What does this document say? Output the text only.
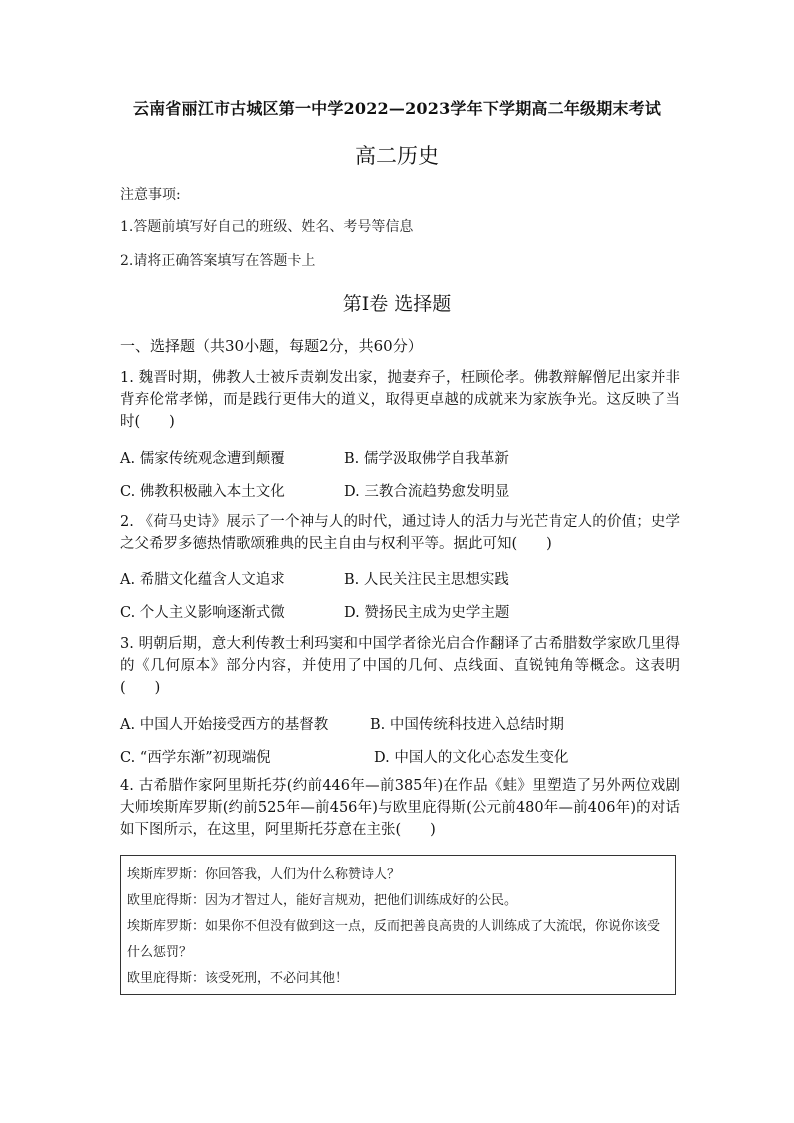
云南省丽江市古城区第一中学2022—2023学年下学期高二年级期末考试
高二历史
注意事项:
1.答题前填写好自己的班级、姓名、考号等信息
2.请将正确答案填写在答题卡上
第Ⅰ卷 选择题
一、选择题（共30小题，每题2分，共60分）
1. 魏晋时期，佛教人士被斥责剃发出家，抛妻弃子，枉顾伦孝。佛教辩解僧尼出家并非背弃伦常孝悌，而是践行更伟大的道义，取得更卓越的成就来为家族争光。这反映了当时(　　)
A. 儒家传统观念遭到颠覆	B. 儒学汲取佛学自我革新
C. 佛教积极融入本土文化	D. 三教合流趋势愈发明显
2. 《荷马史诗》展示了一个神与人的时代，通过诗人的活力与光芒肯定人的价值；史学之父希罗多德热情歌颂雅典的民主自由与权利平等。据此可知(　　)
A. 希腊文化蕴含人文追求	B. 人民关注民主思想实践
C. 个人主义影响逐渐式微	D. 赞扬民主成为史学主题
3. 明朝后期，意大利传教士利玛窦和中国学者徐光启合作翻译了古希腊数学家欧几里得的《几何原本》部分内容，并使用了中国的几何、点线面、直锐钝角等概念。这表明(　　)
A. 中国人开始接受西方的基督教	B. 中国传统科技进入总结时期
C. “西学东渐”初现端倪	D. 中国人的文化心态发生变化
4. 古希腊作家阿里斯托芬(约前446年—前385年)在作品《蛙》里塑造了另外两位戏剧大师埃斯库罗斯(约前525年—前456年)与欧里庇得斯(公元前480年—前406年)的对话如下图所示，在这里，阿里斯托芬意在主张(　　)
埃斯库罗斯：你回答我，人们为什么称赞诗人？
欧里庇得斯：因为才智过人，能好言规劝，把他们训练成好的公民。
埃斯库罗斯：如果你不但没有做到这一点，反而把善良高贵的人训练成了大流氓，你说你该受什么惩罚？
欧里庇得斯：该受死刑，不必问其他！
